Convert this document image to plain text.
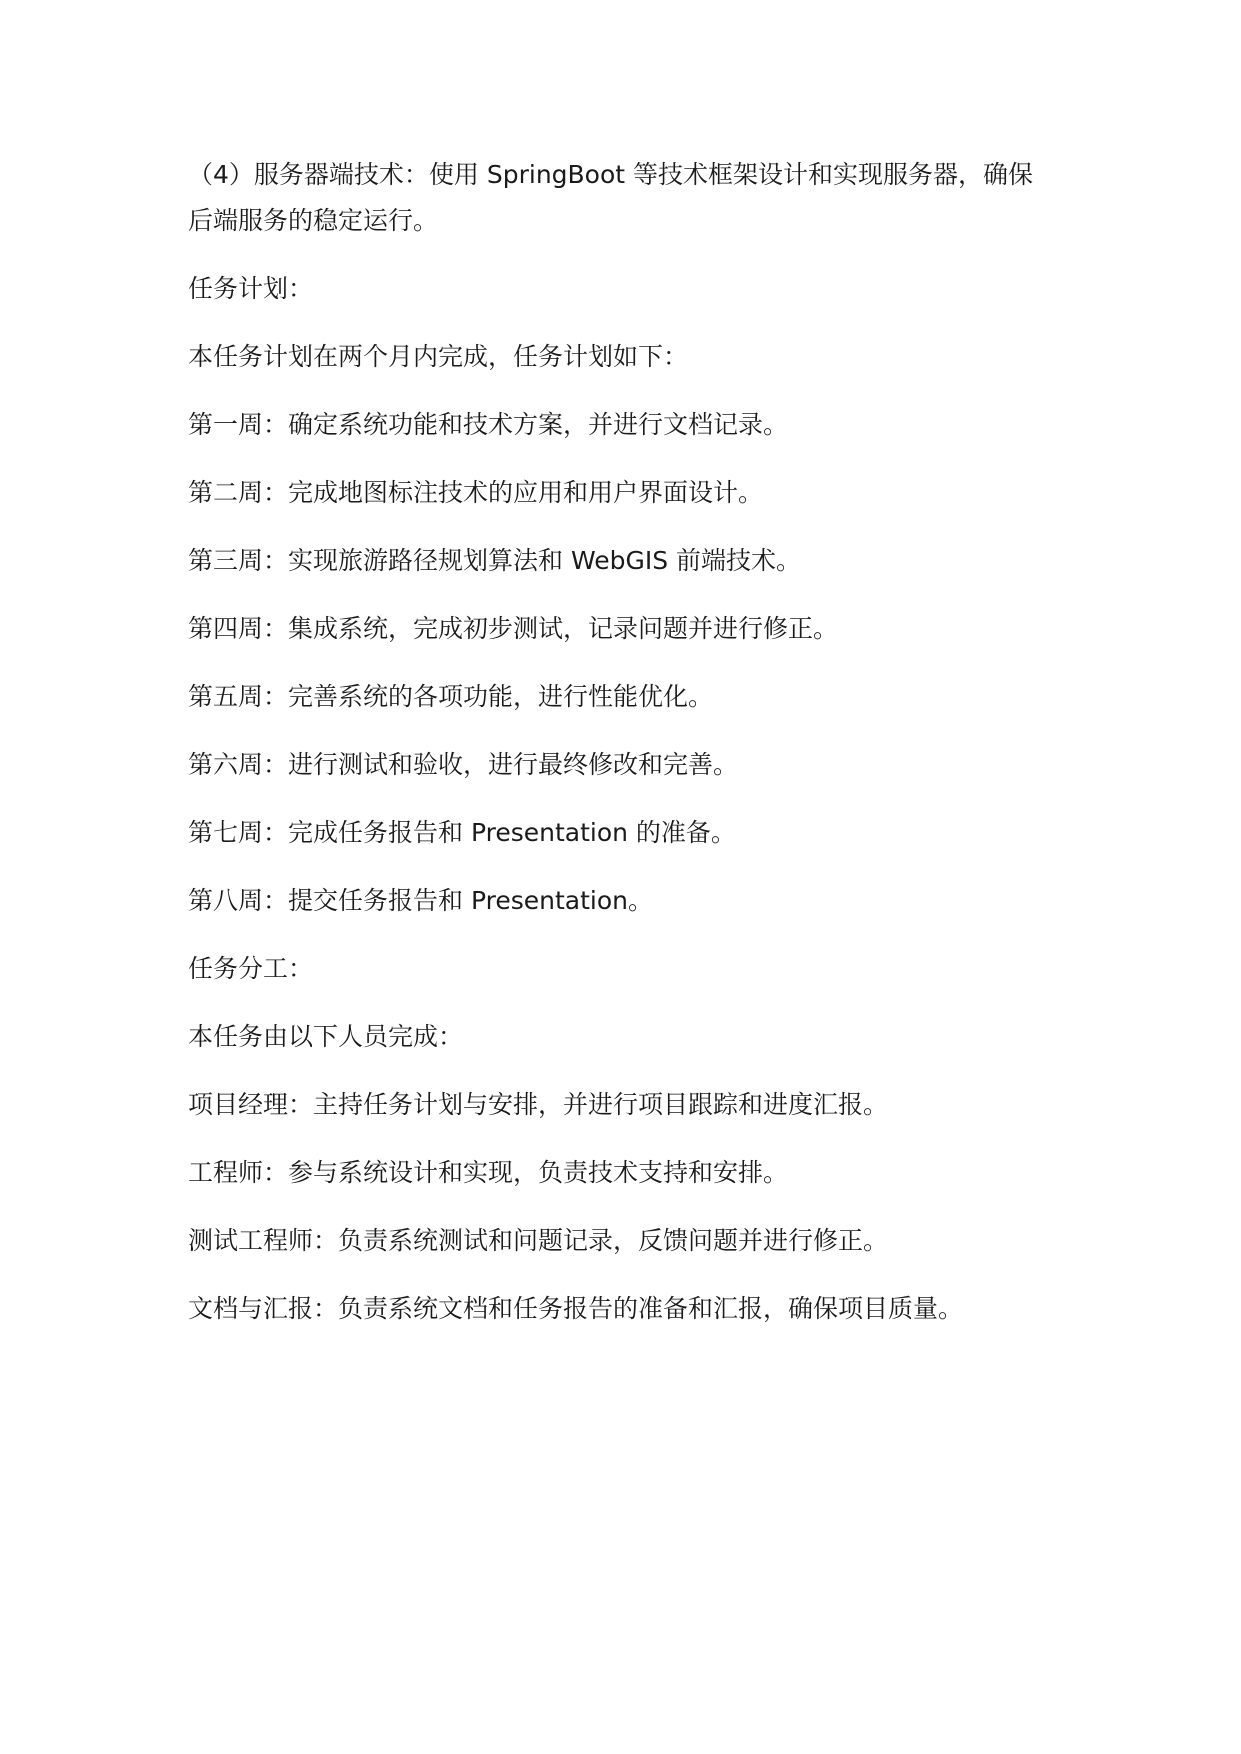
（4）服务器端技术：使用 SpringBoot 等技术框架设计和实现服务器，确保后端服务的稳定运行。

任务计划：

本任务计划在两个月内完成，任务计划如下：

第一周：确定系统功能和技术方案，并进行文档记录。

第二周：完成地图标注技术的应用和用户界面设计。

第三周：实现旅游路径规划算法和 WebGIS 前端技术。

第四周：集成系统，完成初步测试，记录问题并进行修正。

第五周：完善系统的各项功能，进行性能优化。

第六周：进行测试和验收，进行最终修改和完善。

第七周：完成任务报告和 Presentation 的准备。

第八周：提交任务报告和 Presentation。

任务分工：

本任务由以下人员完成：

项目经理：主持任务计划与安排，并进行项目跟踪和进度汇报。

工程师：参与系统设计和实现，负责技术支持和安排。

测试工程师：负责系统测试和问题记录，反馈问题并进行修正。

文档与汇报：负责系统文档和任务报告的准备和汇报，确保项目质量。
